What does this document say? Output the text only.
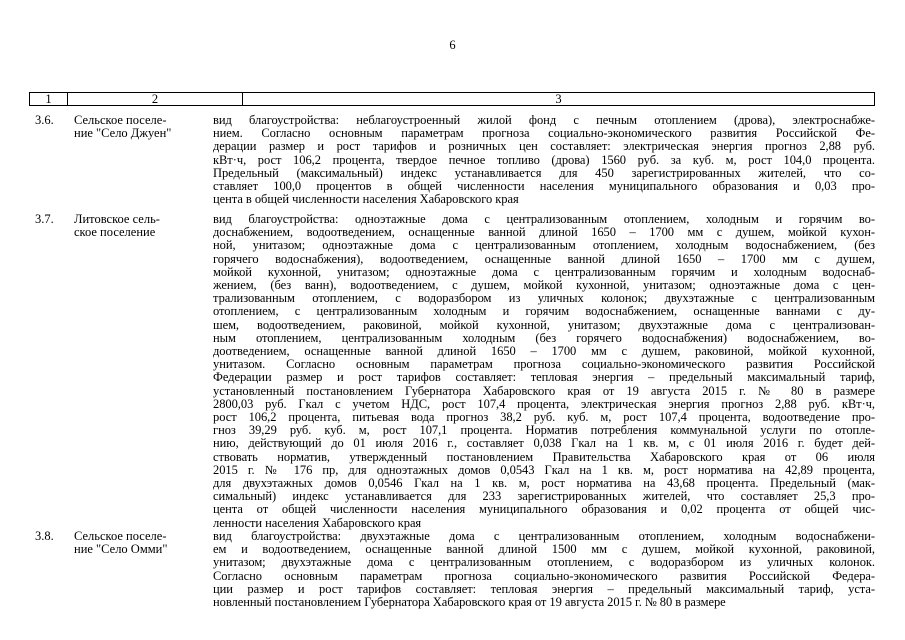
6
1	2	3
3.6. Сельское поселе-
ние "Село Джуен"
вид благоустройства: неблагоустроенный жилой фонд с печным отоплением (дрова), электроснабже-
нием. Согласно основным параметрам прогноза социально-экономического развития Российской Фе-
дерации размер и рост тарифов и розничных цен составляет: электрическая энергия прогноз 2,88 руб.
кВт·ч, рост 106,2 процента, твердое печное топливо (дрова) 1560 руб. за куб. м, рост 104,0 процента.
Предельный (максимальный) индекс устанавливается для 450 зарегистрированных жителей, что со-
ставляет 100,0 процентов в общей численности населения муниципального образования и 0,03 про-
цента в общей численности населения Хабаровского края
3.7. Литовское сель-
ское поселение
вид благоустройства: одноэтажные дома с централизованным отоплением, холодным и горячим во-
доснабжением, водоотведением, оснащенные ванной длиной 1650 – 1700 мм с душем, мойкой кухон-
ной, унитазом; одноэтажные дома с централизованным отоплением, холодным водоснабжением, (без
горячего водоснабжения), водоотведением, оснащенные ванной длиной 1650 – 1700 мм с душем,
мойкой кухонной, унитазом; одноэтажные дома с централизованным горячим и холодным водоснаб-
жением, (без ванн), водоотведением, с душем, мойкой кухонной, унитазом; одноэтажные дома с цен-
трализованным отоплением, с водоразбором из уличных колонок; двухэтажные с централизованным
отоплением, с централизованным холодным и горячим водоснабжением, оснащенные ваннами с ду-
шем, водоотведением, раковиной, мойкой кухонной, унитазом; двухэтажные дома с централизован-
ным отоплением, централизованным холодным (без горячего водоснабжения) водоснабжением, во-
доотведением, оснащенные ванной длиной 1650 – 1700 мм с душем, раковиной, мойкой кухонной,
унитазом. Согласно основным параметрам прогноза социально-экономического развития Российской
Федерации размер и рост тарифов составляет: тепловая энергия – предельный максимальный тариф,
установленный постановлением Губернатора Хабаровского края от 19 августа 2015 г. № 80 в размере
2800,03 руб. Гкал с учетом НДС, рост 107,4 процента, электрическая энергия прогноз 2,88 руб. кВт·ч,
рост 106,2 процента, питьевая вода прогноз 38,2 руб. куб. м, рост 107,4 процента, водоотведение про-
гноз 39,29 руб. куб. м, рост 107,1 процента. Норматив потребления коммунальной услуги по отопле-
нию, действующий до 01 июля 2016 г., составляет 0,038 Гкал на 1 кв. м, с 01 июля 2016 г. будет дей-
ствовать норматив, утвержденный постановлением Правительства Хабаровского края от 06 июля
2015 г. № 176 пр, для одноэтажных домов 0,0543 Гкал на 1 кв. м, рост норматива на 42,89 процента,
для двухэтажных домов 0,0546 Гкал на 1 кв. м, рост норматива на 43,68 процента. Предельный (мак-
симальный) индекс устанавливается для 233 зарегистрированных жителей, что составляет 25,3 про-
цента от общей численности населения муниципального образования и 0,02 процента от общей чис-
ленности населения Хабаровского края
3.8. Сельское поселе-
ние "Село Омми"
вид благоустройства: двухэтажные дома с централизованным отоплением, холодным водоснабжени-
ем и водоотведением, оснащенные ванной длиной 1500 мм с душем, мойкой кухонной, раковиной,
унитазом; двухэтажные дома с централизованным отоплением, с водоразбором из уличных колонок.
Согласно основным параметрам прогноза социально-экономического развития Российской Федера-
ции размер и рост тарифов составляет: тепловая энергия – предельный максимальный тариф, уста-
новленный постановлением Губернатора Хабаровского края от 19 августа 2015 г. № 80 в размере
